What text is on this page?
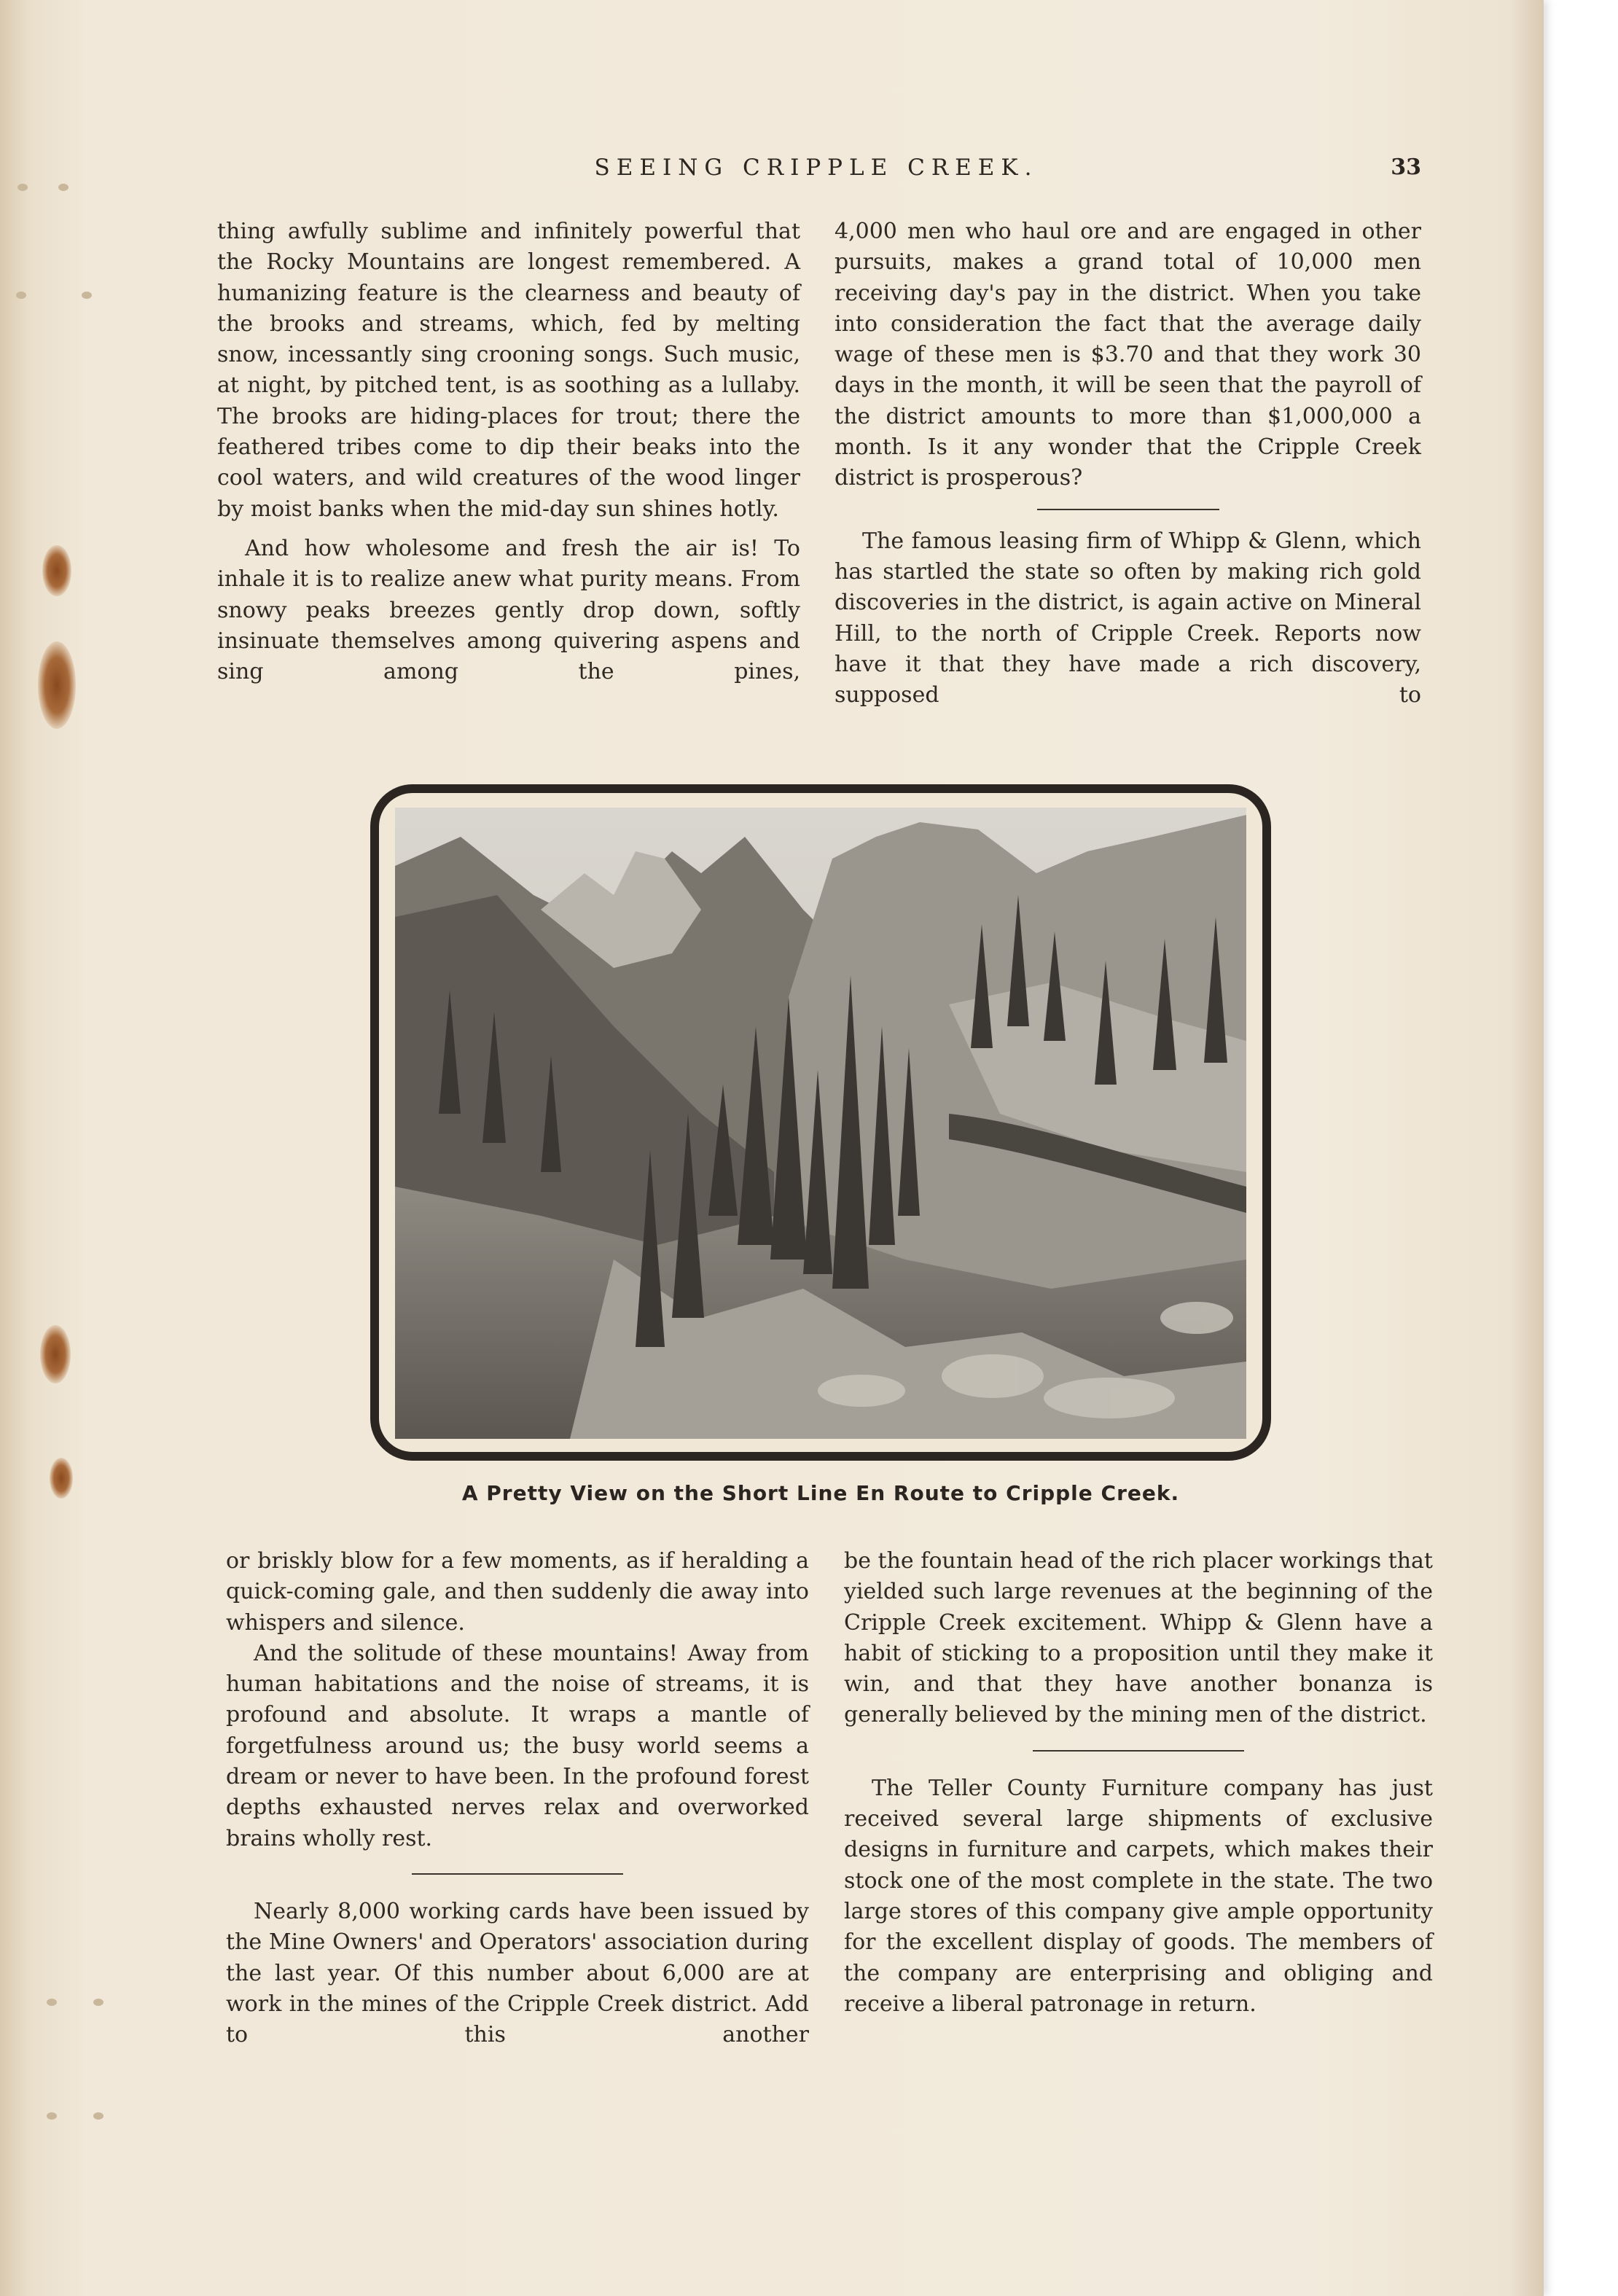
SEEING CRIPPLE CREEK.	33

thing awfully sublime and infinitely powerful that the Rocky Mountains are longest remembered. A humanizing feature is the clearness and beauty of the brooks and streams, which, fed by melting snow, incessantly sing crooning songs. Such music, at night, by pitched tent, is as soothing as a lullaby. The brooks are hiding-places for trout; there the feathered tribes come to dip their beaks into the cool waters, and wild creatures of the wood linger by moist banks when the mid-day sun shines hotly.

And how wholesome and fresh the air is! To inhale it is to realize anew what purity means. From snowy peaks breezes gently drop down, softly insinuate themselves among quivering aspens and sing among the pines,

4,000 men who haul ore and are engaged in other pursuits, makes a grand total of 10,000 men receiving day's pay in the district. When you take into consideration the fact that the average daily wage of these men is $3.70 and that they work 30 days in the month, it will be seen that the payroll of the district amounts to more than $1,000,000 a month. Is it any wonder that the Cripple Creek district is prosperous?

The famous leasing firm of Whipp & Glenn, which has startled the state so often by making rich gold discoveries in the district, is again active on Mineral Hill, to the north of Cripple Creek. Reports now have it that they have made a rich discovery, supposed to

A Pretty View on the Short Line En Route to Cripple Creek.

or briskly blow for a few moments, as if heralding a quick-coming gale, and then suddenly die away into whispers and silence.

And the solitude of these mountains! Away from human habitations and the noise of streams, it is profound and absolute. It wraps a mantle of forgetfulness around us; the busy world seems a dream or never to have been. In the profound forest depths exhausted nerves relax and overworked brains wholly rest.

Nearly 8,000 working cards have been issued by the Mine Owners' and Operators' association during the last year. Of this number about 6,000 are at work in the mines of the Cripple Creek district. Add to this another

be the fountain head of the rich placer workings that yielded such large revenues at the beginning of the Cripple Creek excitement. Whipp & Glenn have a habit of sticking to a proposition until they make it win, and that they have another bonanza is generally believed by the mining men of the district.

The Teller County Furniture company has just received several large shipments of exclusive designs in furniture and carpets, which makes their stock one of the most complete in the state. The two large stores of this company give ample opportunity for the excellent display of goods. The members of the company are enterprising and obliging and receive a liberal patronage in return.
